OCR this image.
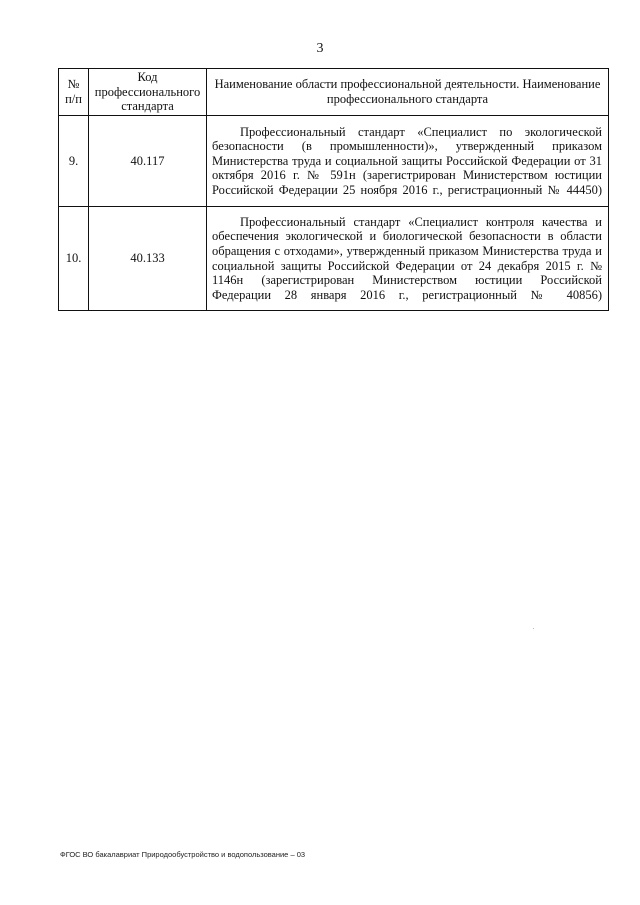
3
№ п/п	Код профессионального стандарта	Наименование области профессиональной деятельности. Наименование профессионального стандарта
9.	40.117	Профессиональный стандарт «Специалист по экологической безопасности (в промышленности)», утвержденный приказом Министерства труда и социальной защиты Российской Федерации от 31 октября 2016 г. № 591н (зарегистрирован Министерством юстиции Российской Федерации 25 ноября 2016 г., регистрационный № 44450)
10.	40.133	Профессиональный стандарт «Специалист контроля качества и обеспечения экологической и биологической безопасности в области обращения с отходами», утвержденный приказом Министерства труда и социальной защиты Российской Федерации от 24 декабря 2015 г. № 1146н (зарегистрирован Министерством юстиции Российской Федерации 28 января 2016 г., регистрационный № 40856)
ФГОС ВО бакалавриат Природообустройство и водопользование – 03
